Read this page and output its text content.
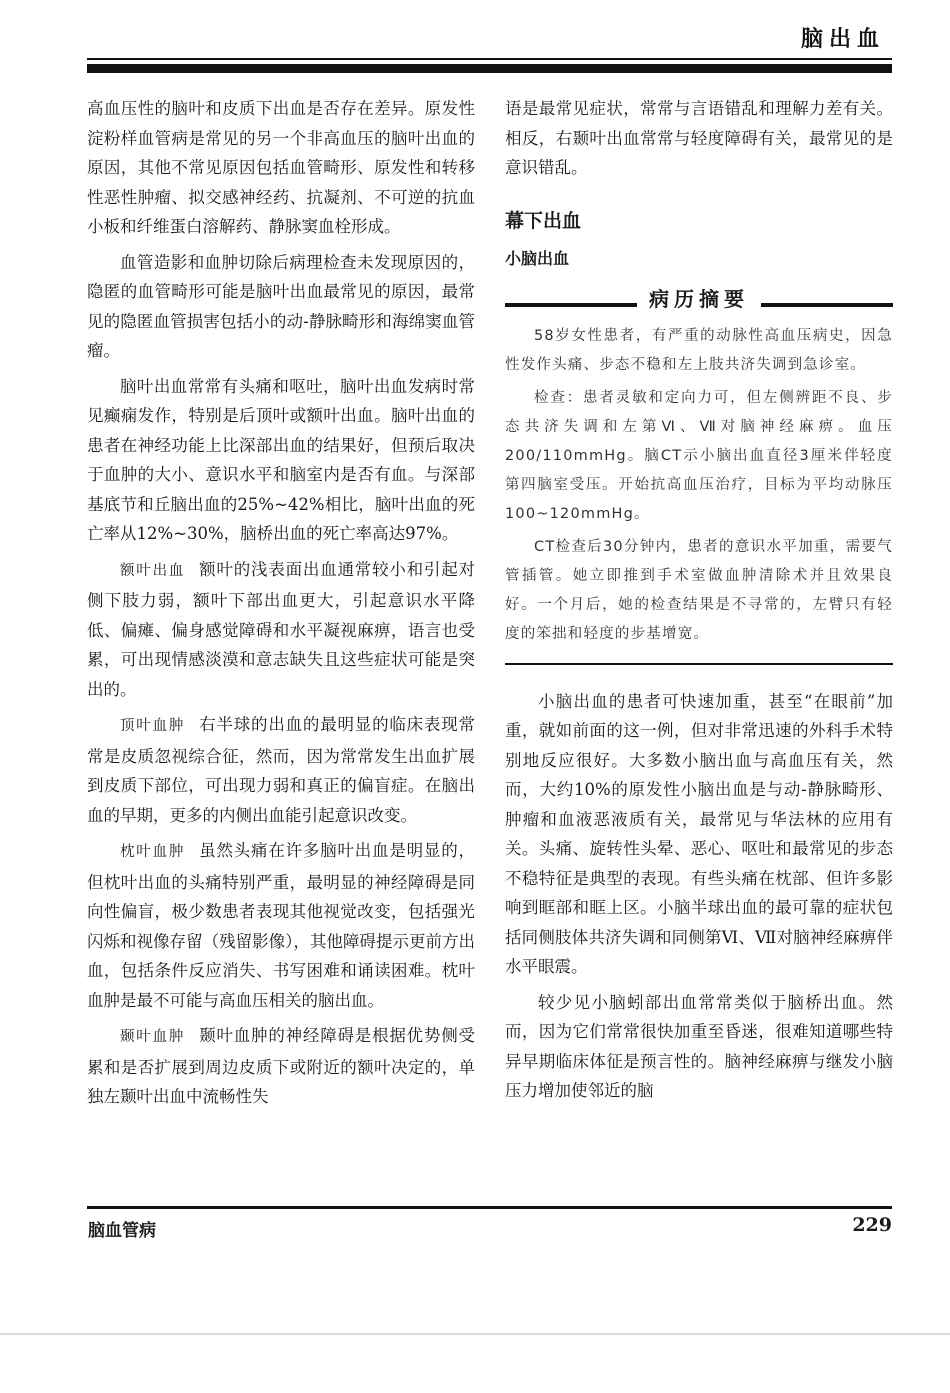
脑出血

高血压性的脑叶和皮质下出血是否存在差异。原发性淀粉样血管病是常见的另一个非高血压的脑叶出血的原因，其他不常见原因包括血管畸形、原发性和转移性恶性肿瘤、拟交感神经药、抗凝剂、不可逆的抗血小板和纤维蛋白溶解药、静脉窦血栓形成。

血管造影和血肿切除后病理检查未发现原因的，隐匿的血管畸形可能是脑叶出血最常见的原因，最常见的隐匿血管损害包括小的动-静脉畸形和海绵窦血管瘤。

脑叶出血常常有头痛和呕吐，脑叶出血发病时常见癫痫发作，特别是后顶叶或额叶出血。脑叶出血的患者在神经功能上比深部出血的结果好，但预后取决于血肿的大小、意识水平和脑室内是否有血。与深部基底节和丘脑出血的25%~42%相比，脑叶出血的死亡率从12%~30%，脑桥出血的死亡率高达97%。

额叶出血 额叶的浅表面出血通常较小和引起对侧下肢力弱，额叶下部出血更大，引起意识水平降低、偏瘫、偏身感觉障碍和水平凝视麻痹，语言也受累，可出现情感淡漠和意志缺失且这些症状可能是突出的。

顶叶血肿 右半球的出血的最明显的临床表现常常是皮质忽视综合征，然而，因为常常发生出血扩展到皮质下部位，可出现力弱和真正的偏盲症。在脑出血的早期，更多的内侧出血能引起意识改变。

枕叶血肿 虽然头痛在许多脑叶出血是明显的，但枕叶出血的头痛特别严重，最明显的神经障碍是同向性偏盲，极少数患者表现其他视觉改变，包括强光闪烁和视像存留（残留影像），其他障碍提示更前方出血，包括条件反应消失、书写困难和诵读困难。枕叶血肿是最不可能与高血压相关的脑出血。

颞叶血肿 颞叶血肿的神经障碍是根据优势侧受累和是否扩展到周边皮质下或附近的额叶决定的，单独左颞叶出血中流畅性失

语是最常见症状，常常与言语错乱和理解力差有关。相反，右颞叶出血常常与轻度障碍有关，最常见的是意识错乱。

幕下出血
小脑出血
病历摘要

58岁女性患者，有严重的动脉性高血压病史，因急性发作头痛、步态不稳和左上肢共济失调到急诊室。

检查：患者灵敏和定向力可，但左侧辨距不良、步态共济失调和左第Ⅵ、Ⅶ对脑神经麻痹。血压200/110mmHg。脑CT示小脑出血直径3厘米伴轻度第四脑室受压。开始抗高血压治疗，目标为平均动脉压100~120mmHg。

CT检查后30分钟内，患者的意识水平加重，需要气管插管。她立即推到手术室做血肿清除术并且效果良好。一个月后，她的检查结果是不寻常的，左臂只有轻度的笨拙和轻度的步基增宽。

小脑出血的患者可快速加重，甚至“在眼前”加重，就如前面的这一例，但对非常迅速的外科手术特别地反应很好。大多数小脑出血与高血压有关，然而，大约10%的原发性小脑出血是与动-静脉畸形、肿瘤和血液恶液质有关，最常见与华法林的应用有关。头痛、旋转性头晕、恶心、呕吐和最常见的步态不稳特征是典型的表现。有些头痛在枕部、但许多影响到眶部和眶上区。小脑半球出血的最可靠的症状包括同侧肢体共济失调和同侧第Ⅵ、Ⅶ对脑神经麻痹伴水平眼震。

较少见小脑蚓部出血常常类似于脑桥出血。然而，因为它们常常很快加重至昏迷，很难知道哪些特异早期临床体征是预言性的。脑神经麻痹与继发小脑压力增加使邻近的脑

脑血管病	229
